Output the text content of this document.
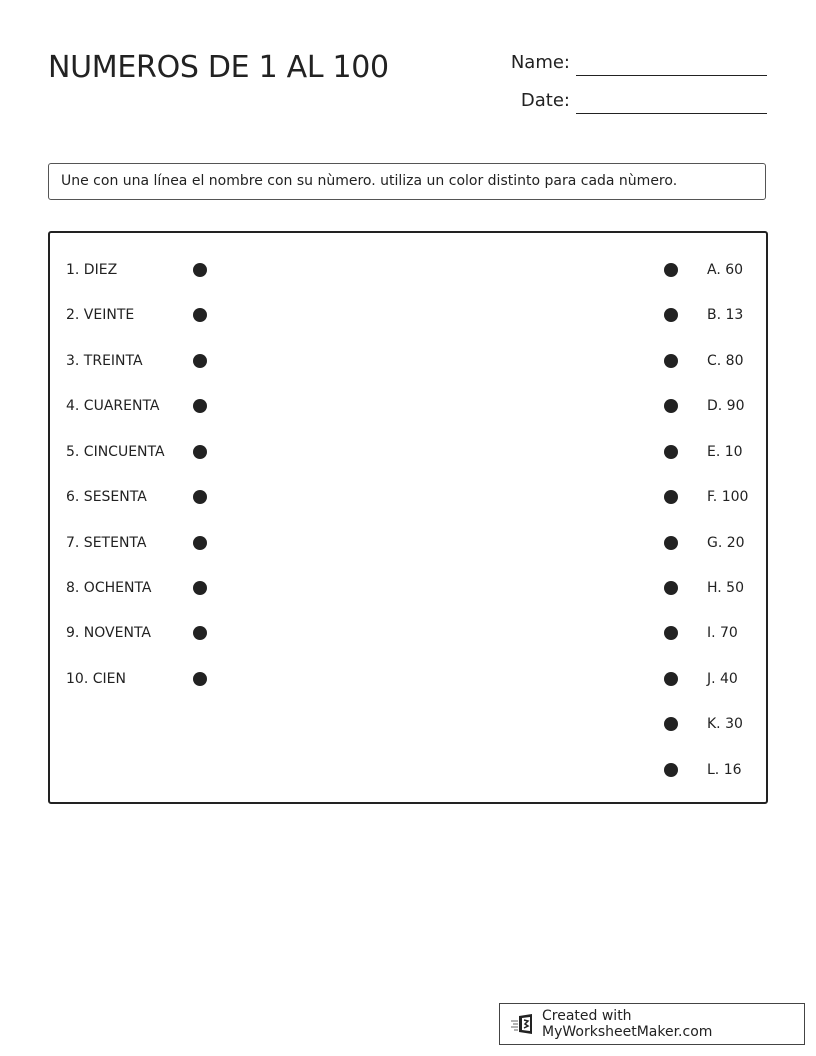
NUMEROS DE 1 AL 100	Name:
Date:
Une con una línea el nombre con su nùmero. utiliza un color distinto para cada nùmero.
1. DIEZ
2. VEINTE
3. TREINTA
4. CUARENTA
5. CINCUENTA
6. SESENTA
7. SETENTA
8. OCHENTA
9. NOVENTA
10. CIEN
A. 60
B. 13
C. 80
D. 90
E. 10
F. 100
G. 20
H. 50
I. 70
J. 40
K. 30
L. 16
Created with MyWorksheetMaker.com
